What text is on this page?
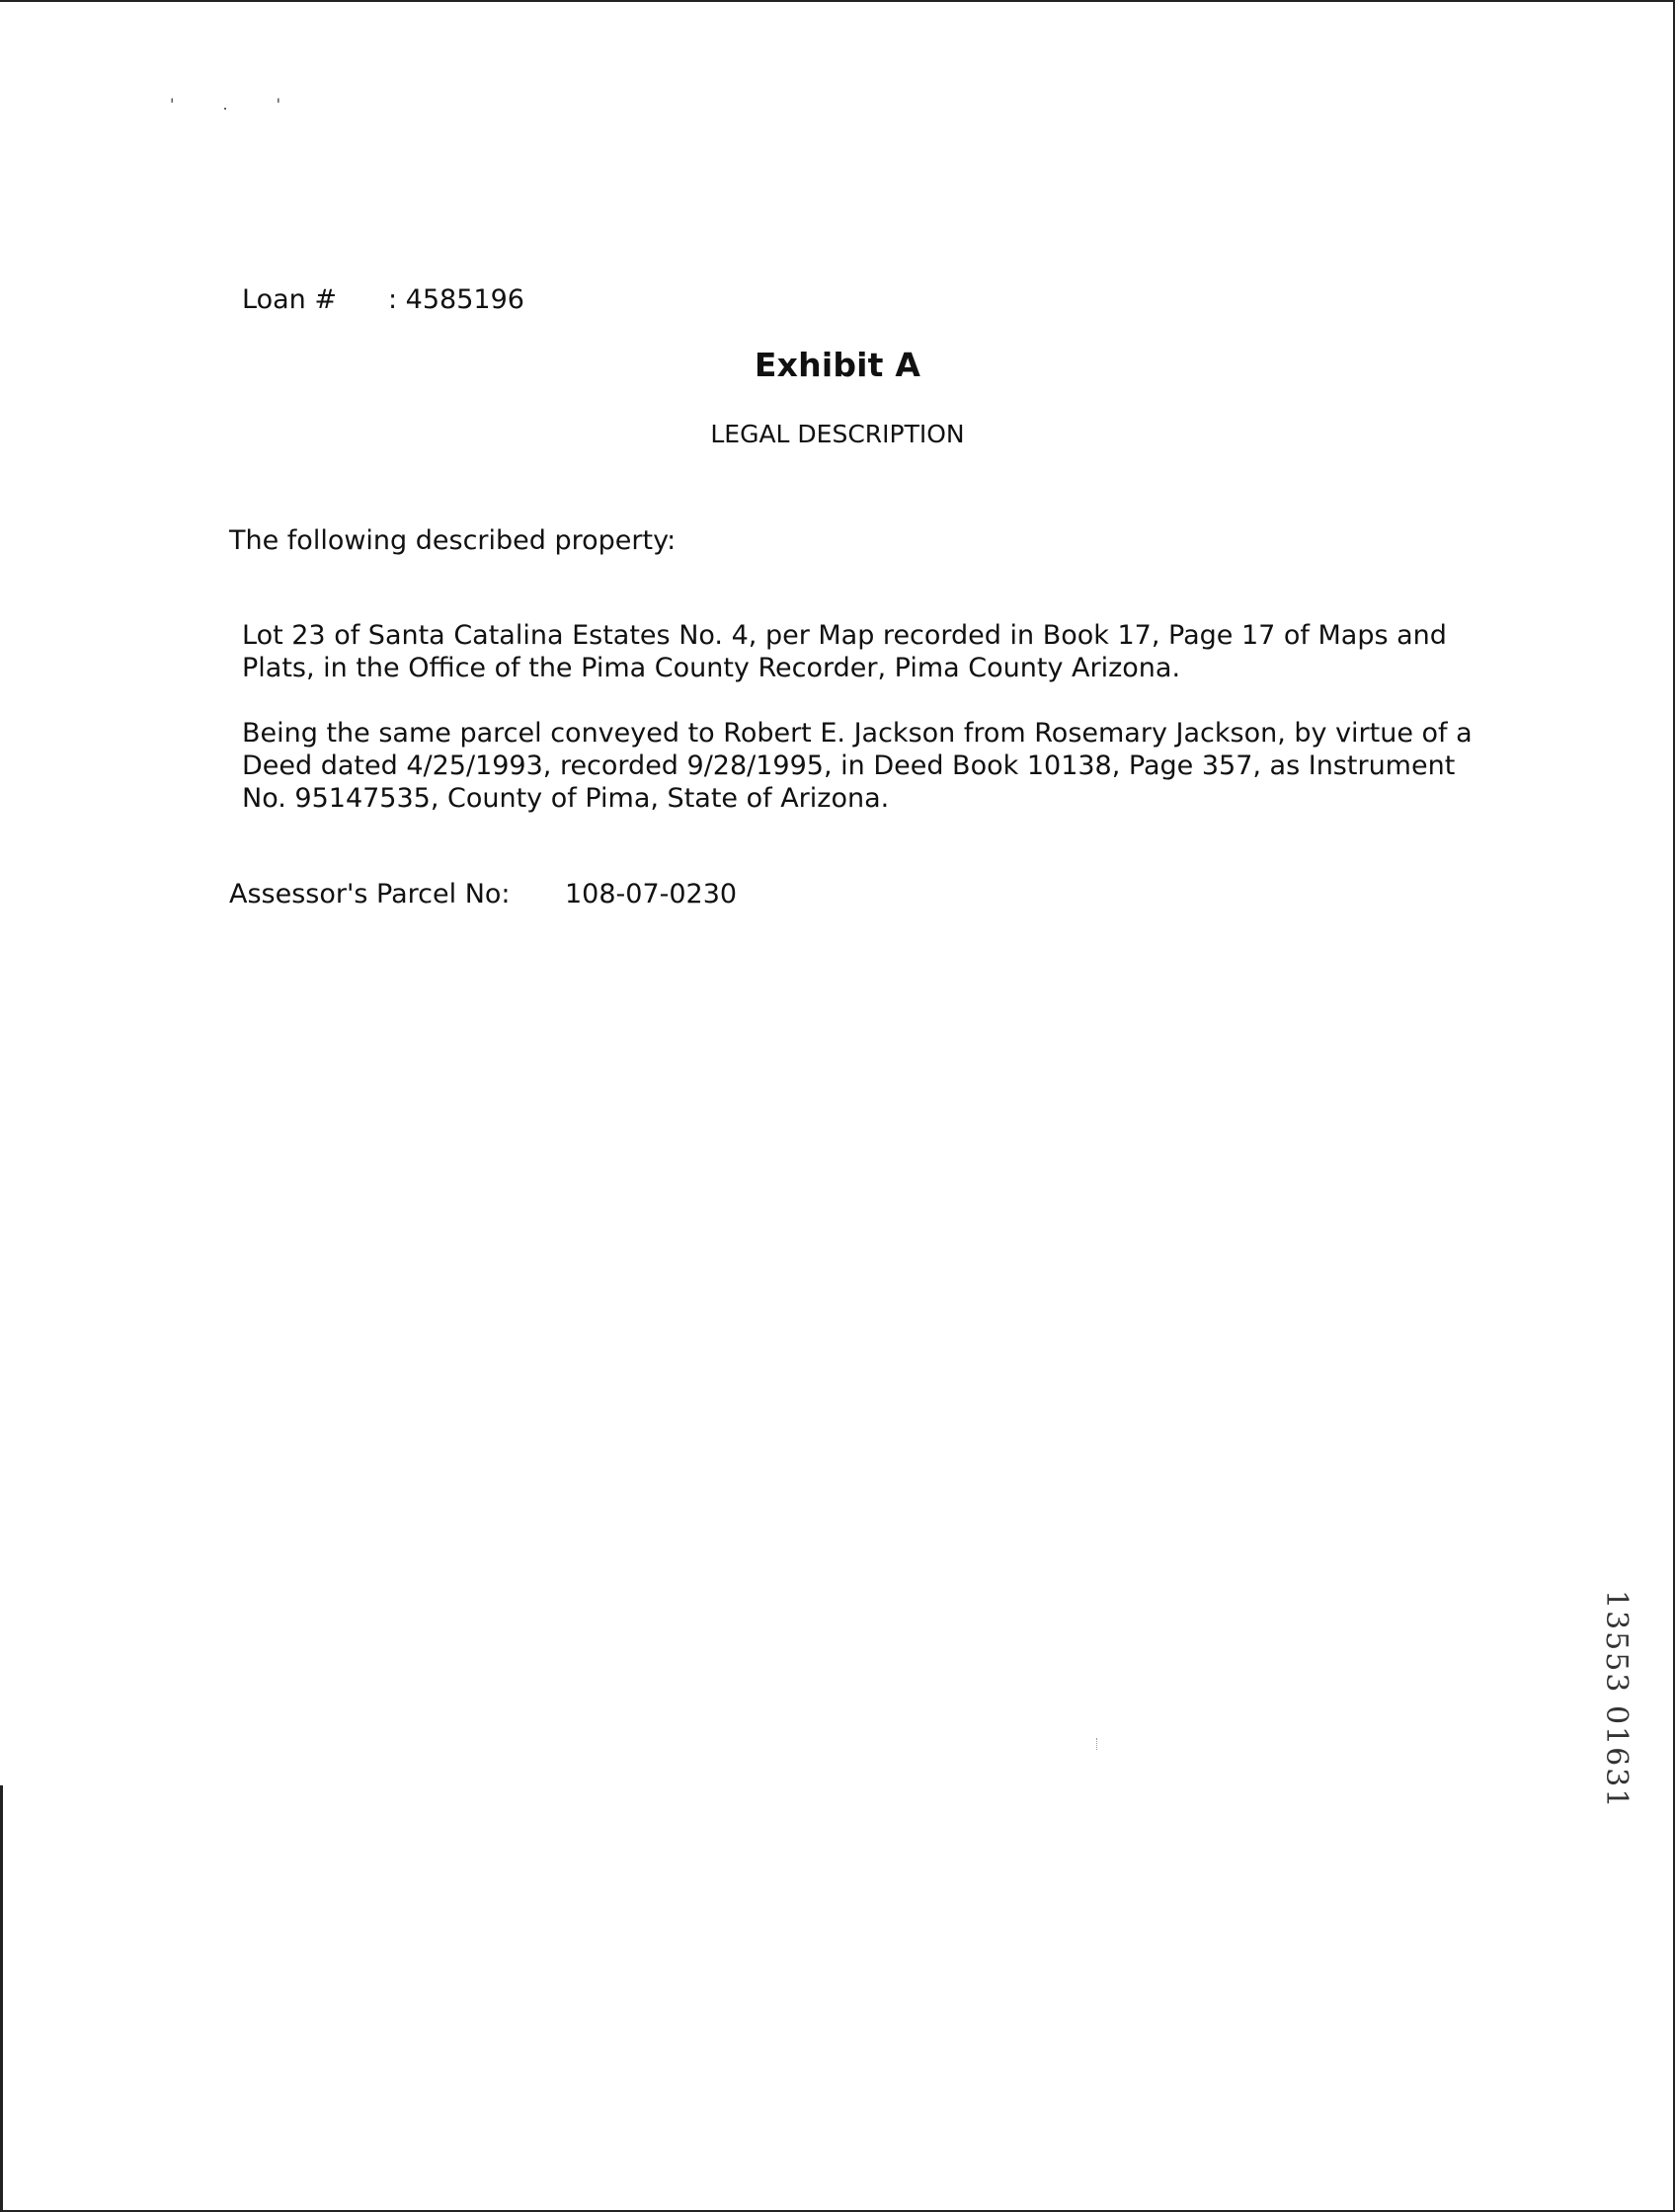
' . '
Loan # : 4585196
Exhibit A
LEGAL DESCRIPTION
The following described property:
Lot 23 of Santa Catalina Estates No. 4, per Map recorded in Book 17, Page 17 of Maps and Plats, in the Office of the Pima County Recorder, Pima County Arizona.
Being the same parcel conveyed to Robert E. Jackson from Rosemary Jackson, by virtue of a Deed dated 4/25/1993, recorded 9/28/1995, in Deed Book 10138, Page 357, as Instrument No. 95147535, County of Pima, State of Arizona.
Assessor's Parcel No: 108-07-0230
13553 01631
